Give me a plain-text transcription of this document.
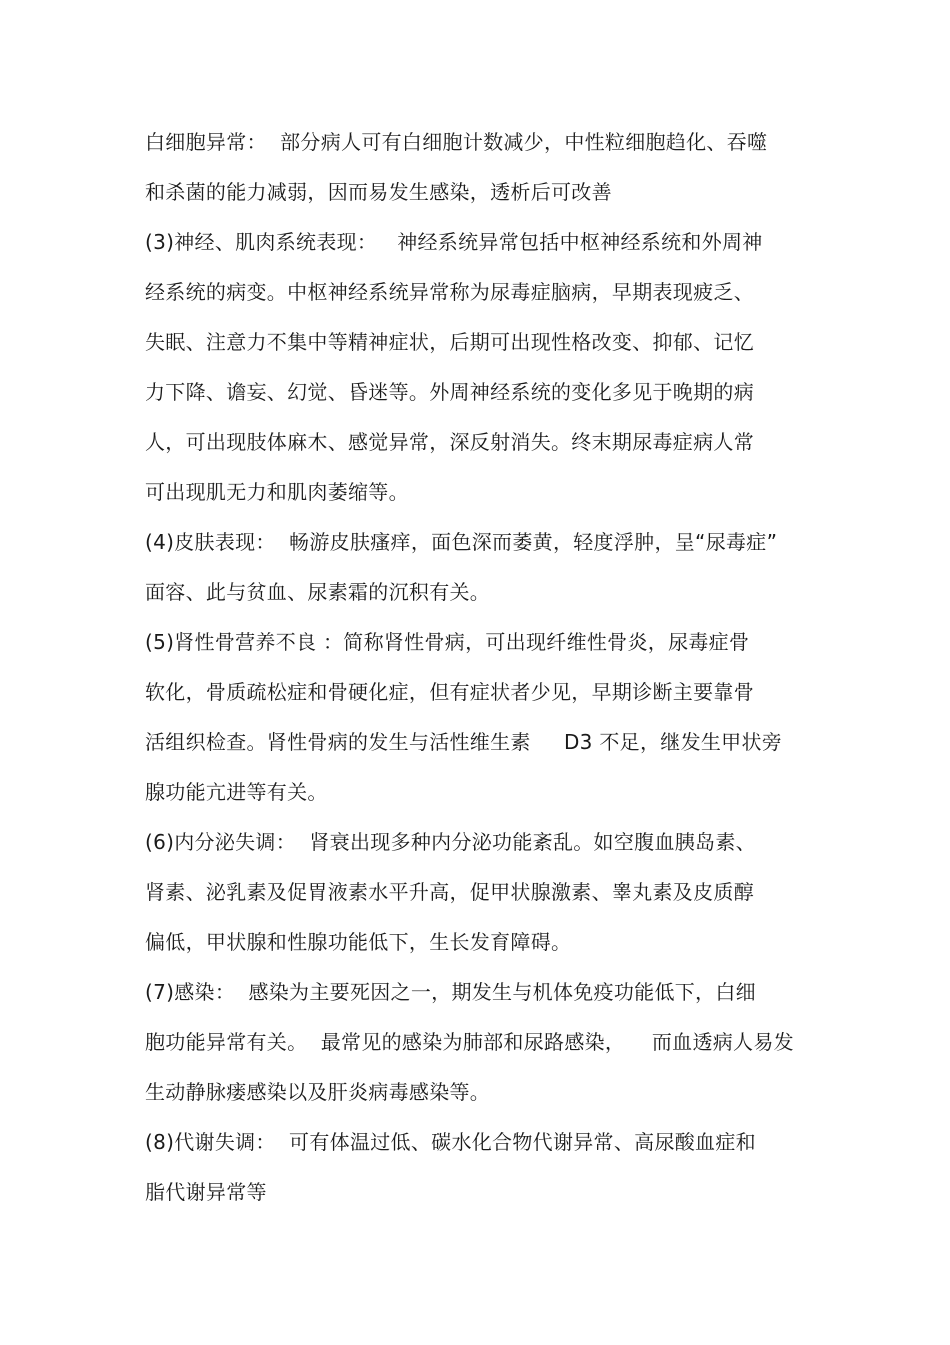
白细胞异常：  部分病人可有白细胞计数减少，中性粒细胞趋化、吞噬
和杀菌的能力减弱，因而易发生感染，透析后可改善
(3)神经、肌肉系统表现：   神经系统异常包括中枢神经系统和外周神
经系统的病变。中枢神经系统异常称为尿毒症脑病，早期表现疲乏、
失眠、注意力不集中等精神症状，后期可出现性格改变、抑郁、记忆
力下降、谵妄、幻觉、昏迷等。外周神经系统的变化多见于晚期的病
人，可出现肢体麻木、感觉异常，深反射消失。终末期尿毒症病人常
可出现肌无力和肌肉萎缩等。
(4)皮肤表现：  畅游皮肤瘙痒，面色深而萎黄，轻度浮肿，呈“尿毒症”
面容、此与贫血、尿素霜的沉积有关。
(5)肾性骨营养不良 ：简称肾性骨病，可出现纤维性骨炎，尿毒症骨
软化，骨质疏松症和骨硬化症，但有症状者少见，早期诊断主要靠骨
活组织检查。肾性骨病的发生与活性维生素     D3 不足，继发生甲状旁
腺功能亢进等有关。
(6)内分泌失调：  肾衰出现多种内分泌功能紊乱。如空腹血胰岛素、
肾素、泌乳素及促胃液素水平升高，促甲状腺激素、睾丸素及皮质醇
偏低，甲状腺和性腺功能低下，生长发育障碍。
(7)感染：  感染为主要死因之一，期发生与机体免疫功能低下，白细
胞功能异常有关。  最常见的感染为肺部和尿路感染，    而血透病人易发
生动静脉瘘感染以及肝炎病毒感染等。
(8)代谢失调：  可有体温过低、碳水化合物代谢异常、高尿酸血症和
脂代谢异常等
